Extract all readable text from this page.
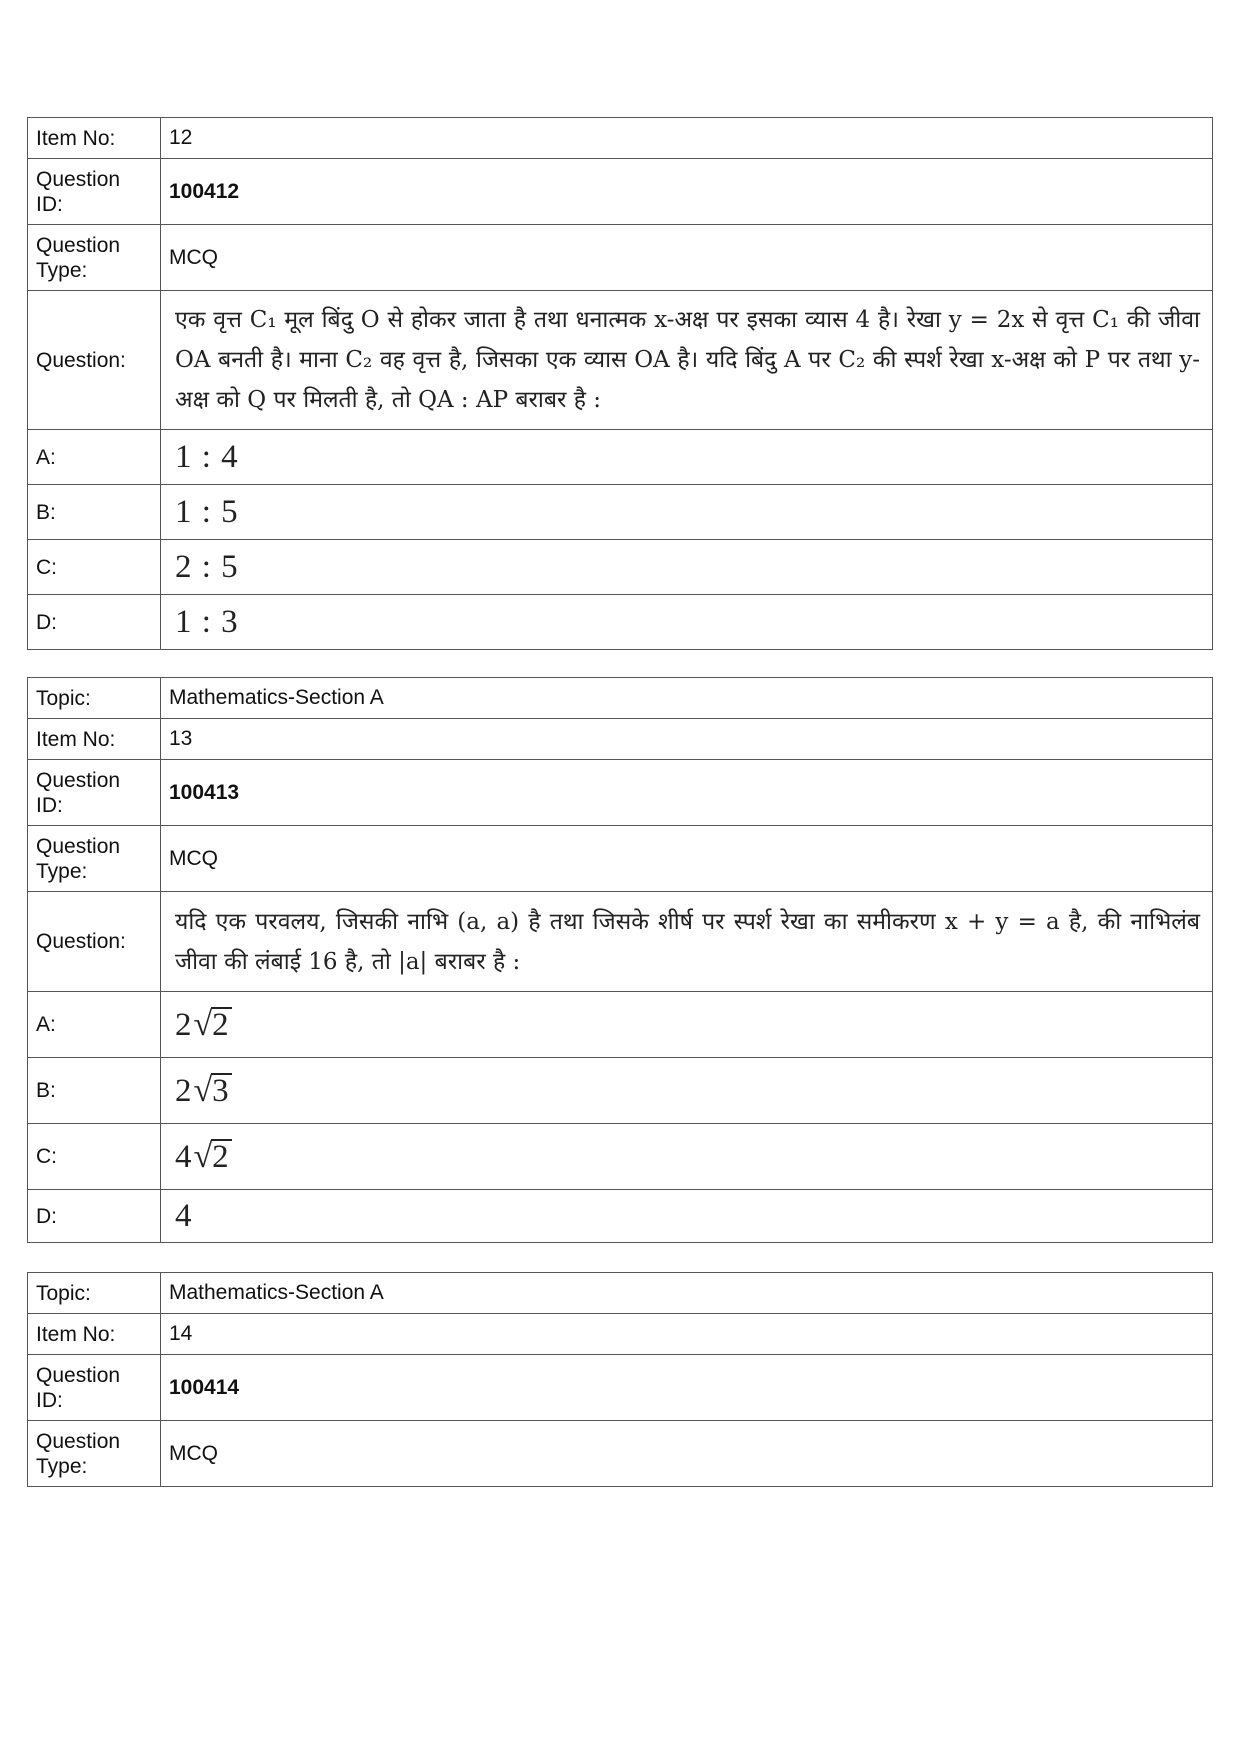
Item No:	12
Question ID:	100412
Question Type:	MCQ
Question:	एक वृत्त C₁ मूल बिंदु O से होकर जाता है तथा धनात्मक x-अक्ष पर इसका व्यास 4 है। रेखा y = 2x से वृत्त C₁ की जीवा OA बनती है। माना C₂ वह वृत्त है, जिसका एक व्यास OA है। यदि बिंदु A पर C₂ की स्पर्श रेखा x-अक्ष को P पर तथा y-अक्ष को Q पर मिलती है, तो QA : AP बराबर है :
A:	1 : 4
B:	1 : 5
C:	2 : 5
D:	1 : 3
Topic:	Mathematics-Section A
Item No:	13
Question ID:	100413
Question Type:	MCQ
Question:	यदि एक परवलय, जिसकी नाभि (a, a) है तथा जिसके शीर्ष पर स्पर्श रेखा का समीकरण x + y = a है, की नाभिलंब जीवा की लंबाई 16 है, तो |a| बराबर है :
A:	2√2
B:	2√3
C:	4√2
D:	4
Topic:	Mathematics-Section A
Item No:	14
Question ID:	100414
Question Type:	MCQ
